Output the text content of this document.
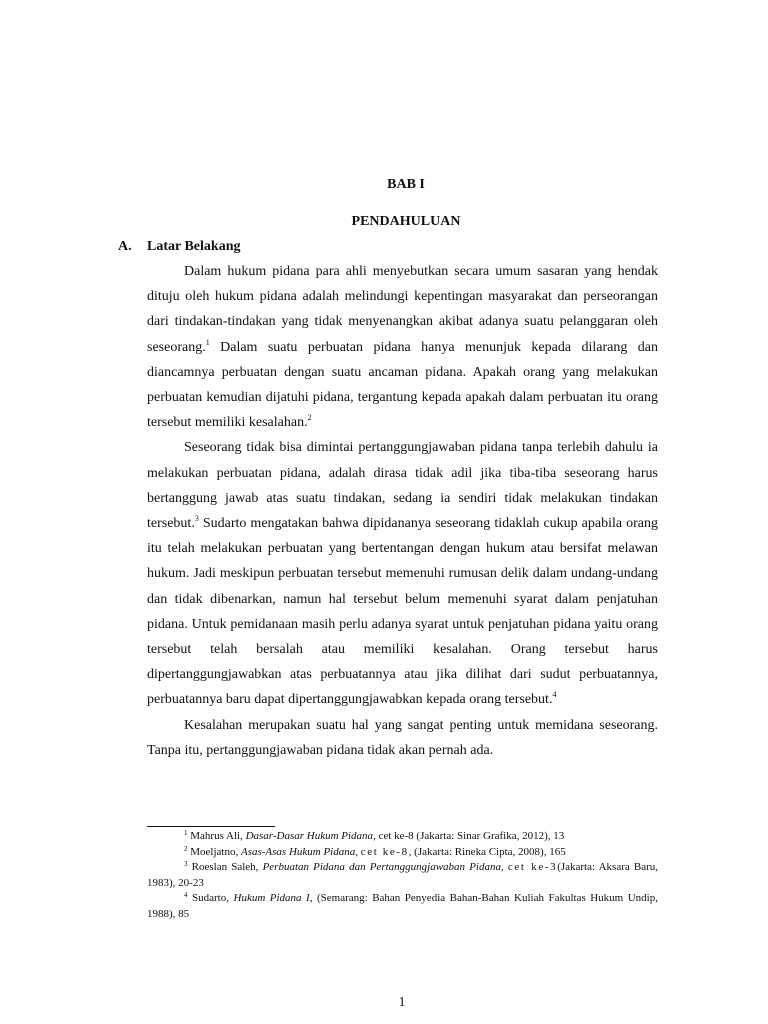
BAB I
PENDAHULUAN
A. Latar Belakang

Dalam hukum pidana para ahli menyebutkan secara umum sasaran yang hendak dituju oleh hukum pidana adalah melindungi kepentingan masyarakat dan perseorangan dari tindakan-tindakan yang tidak menyenangkan akibat adanya suatu pelanggaran oleh seseorang.$^1$ Dalam suatu perbuatan pidana hanya menunjuk kepada dilarang dan diancamnya perbuatan dengan suatu ancaman pidana. Apakah orang yang melakukan perbuatan kemudian dijatuhi pidana, tergantung kepada apakah dalam perbuatan itu orang tersebut memiliki kesalahan.$^2$

Seseorang tidak bisa dimintai pertanggungjawaban pidana tanpa terlebih dahulu ia melakukan perbuatan pidana, adalah dirasa tidak adil jika tiba-tiba seseorang harus bertanggung jawab atas suatu tindakan, sedang ia sendiri tidak melakukan tindakan tersebut.$^3$ Sudarto mengatakan bahwa dipidananya seseorang tidaklah cukup apabila orang itu telah melakukan perbuatan yang bertentangan dengan hukum atau bersifat melawan hukum. Jadi meskipun perbuatan tersebut memenuhi rumusan delik dalam undang-undang dan tidak dibenarkan, namun hal tersebut belum memenuhi syarat dalam penjatuhan pidana. Untuk pemidanaan masih perlu adanya syarat untuk penjatuhan pidana yaitu orang tersebut telah bersalah atau memiliki kesalahan. Orang tersebut harus dipertanggungjawabkan atas perbuatannya atau jika dilihat dari sudut perbuatannya, perbuatannya baru dapat dipertanggungjawabkan kepada orang tersebut.$^4$

Kesalahan merupakan suatu hal yang sangat penting untuk memidana seseorang. Tanpa itu, pertanggungjawaban pidana tidak akan pernah ada.

$^1$ Mahrus Ali, Dasar-Dasar Hukum Pidana, cet ke-8 (Jakarta: Sinar Grafika, 2012), 13

$^2$ Moeljatno, Asas-Asas Hukum Pidana, cet ke-8, (Jakarta: Rineka Cipta, 2008), 165

$^3$ Roeslan Saleh, Perbuatan Pidana dan Pertanggungjawaban Pidana, cet ke-3(Jakarta: Aksara Baru, 1983), 20-23

$^4$ Sudarto, Hukum Pidana I, (Semarang: Bahan Penyedia Bahan-Bahan Kuliah Fakultas Hukum Undip, 1988), 85

1
